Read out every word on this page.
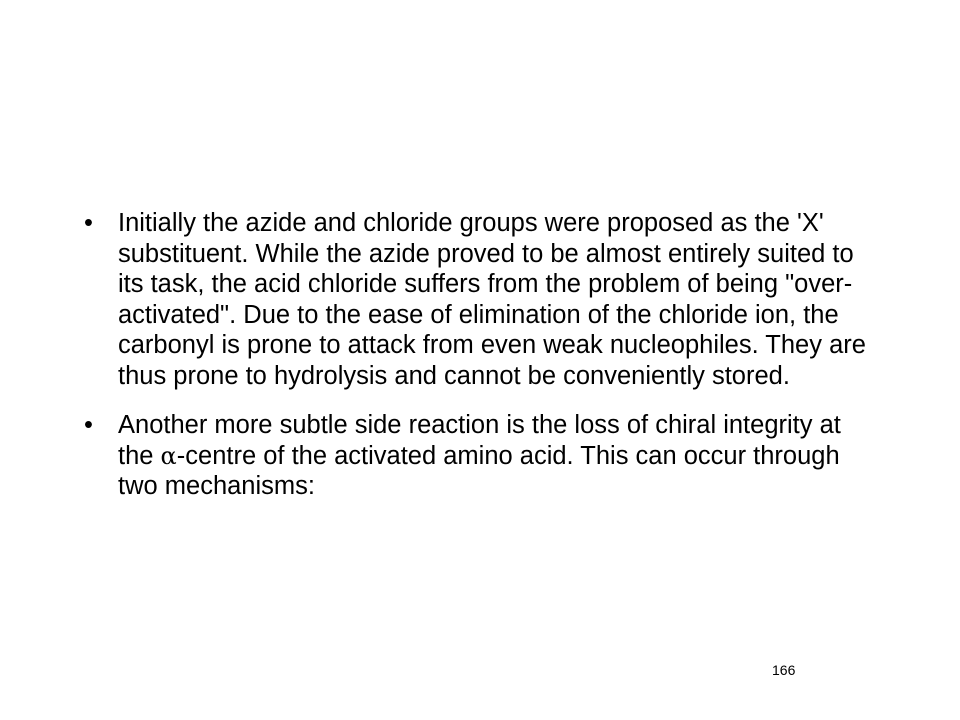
• Initially the azide and chloride groups were proposed as the 'X' substituent. While the azide proved to be almost entirely suited to its task, the acid chloride suffers from the problem of being "over-activated". Due to the ease of elimination of the chloride ion, the carbonyl is prone to attack from even weak nucleophiles. They are thus prone to hydrolysis and cannot be conveniently stored.
• Another more subtle side reaction is the loss of chiral integrity at the α-centre of the activated amino acid. This can occur through two mechanisms:
166
